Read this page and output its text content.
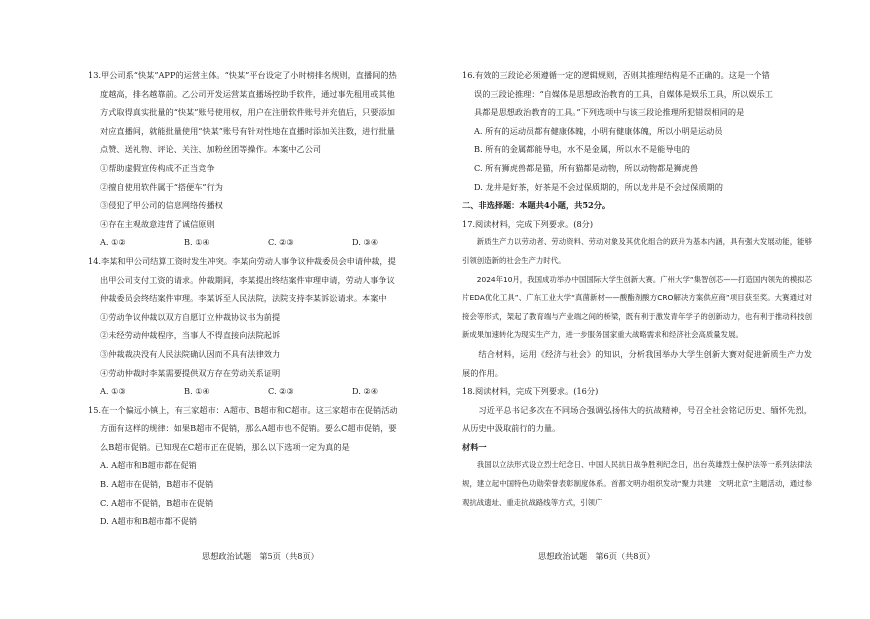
13.甲公司系“快某”APP的运营主体。“快某”平台设定了小时榜排名规则，直播间的热

度越高，排名越靠前。乙公司开发运营某直播场控助手软件，通过事先租用或其他

方式取得真实批量的“快某”账号使用权，用户在注册软件账号并充值后，只要添加

对应直播间，就能批量使用“快某”账号有针对性地在直播时添加关注数，进行批量

点赞、送礼物、评论、关注、加粉丝团等操作。本案中乙公司

①帮助虚假宣传构成不正当竞争

②擅自使用软件属于“搭便车”行为

③侵犯了甲公司的信息网络传播权

④存在主观故意违背了诚信原则

A. ①②	B. ①④	C. ②③	D. ③④

14.李某和甲公司结算工资时发生冲突。李某向劳动人事争议仲裁委员会申请仲裁，提

出甲公司支付工资的请求。仲裁期间，李某提出终结案件审理申请，劳动人事争议

仲裁委员会终结案件审理。李某诉至人民法院，法院支持李某诉讼请求。本案中

①劳动争议仲裁以双方自愿订立仲裁协议书为前提

②未经劳动仲裁程序，当事人不得直接向法院起诉

③仲裁裁决没有人民法院确认因而不具有法律效力

④劳动仲裁时李某需要提供双方存在劳动关系证明

A. ①③	B. ①④	C. ②③	D. ②④

15.在一个偏远小镇上，有三家超市：A超市、B超市和C超市。这三家超市在促销活动

方面有这样的规律：如果B超市不促销，那么A超市也不促销。要么C超市促销，要

么B超市促销。已知现在C超市正在促销，那么以下选项一定为真的是

A. A超市和B超市都在促销

B. A超市在促销，B超市不促销

C. A超市不促销，B超市在促销

D. A超市和B超市都不促销

16.有效的三段论必须遵循一定的逻辑规则，否则其推理结构是不正确的。这是一个错

误的三段论推理：“自媒体是思想政治教育的工具，自媒体是娱乐工具，所以娱乐工

具都是思想政治教育的工具。”下列选项中与该三段论推理所犯错误相同的是

A. 所有的运动员都有健康体魄，小明有健康体魄，所以小明是运动员

B. 所有的金属都能导电，水不是金属，所以水不是能导电的

C. 所有狮虎兽都是猫，所有猫都是动物，所以动物都是狮虎兽

D. 龙井是好茶，好茶是不会过保质期的，所以龙井是不会过保质期的

二、非选择题：本题共4小题，共52分。

17.阅读材料，完成下列要求。(8分)

新质生产力以劳动者、劳动资料、劳动对象及其优化组合的跃升为基本内涵，具有强大发展动能，能够引领创造新的社会生产力时代。

2024年10月，我国成功举办中国国际大学生创新大赛。广州大学“集智创芯——打造国内领先的模拟芯片EDA优化工具”、广东工业大学“真菌新材——酸酯剂酸方CRO解决方案供应商”项目获至奖。大赛通过对接会等形式，架起了教育端与产业端之间的桥梁，既有利于激发青年学子的创新动力，也有利于推动科技创新成果加速转化为现实生产力，进一步服务国家重大战略需求和经济社会高质量发展。

结合材料，运用《经济与社会》的知识，分析我国举办大学生创新大赛对促进新质生产力发展的作用。

18.阅读材料，完成下列要求。(16分)

习近平总书记多次在不同场合强调弘扬伟大的抗战精神，号召全社会铭记历史、缅怀先烈，从历史中汲取前行的力量。

材料一

我国以立法形式设立烈士纪念日、中国人民抗日战争胜利纪念日，出台英雄烈士保护法等一系列法律法规，建立起中国特色功勋荣誉表彰制度体系。首都文明办组织发动“聚力共建　文明北京”主题活动，通过参观抗战遗址、重走抗战路线等方式，引领广

思想政治试题　第5页（共8页）	思想政治试题　第6页（共8页）
